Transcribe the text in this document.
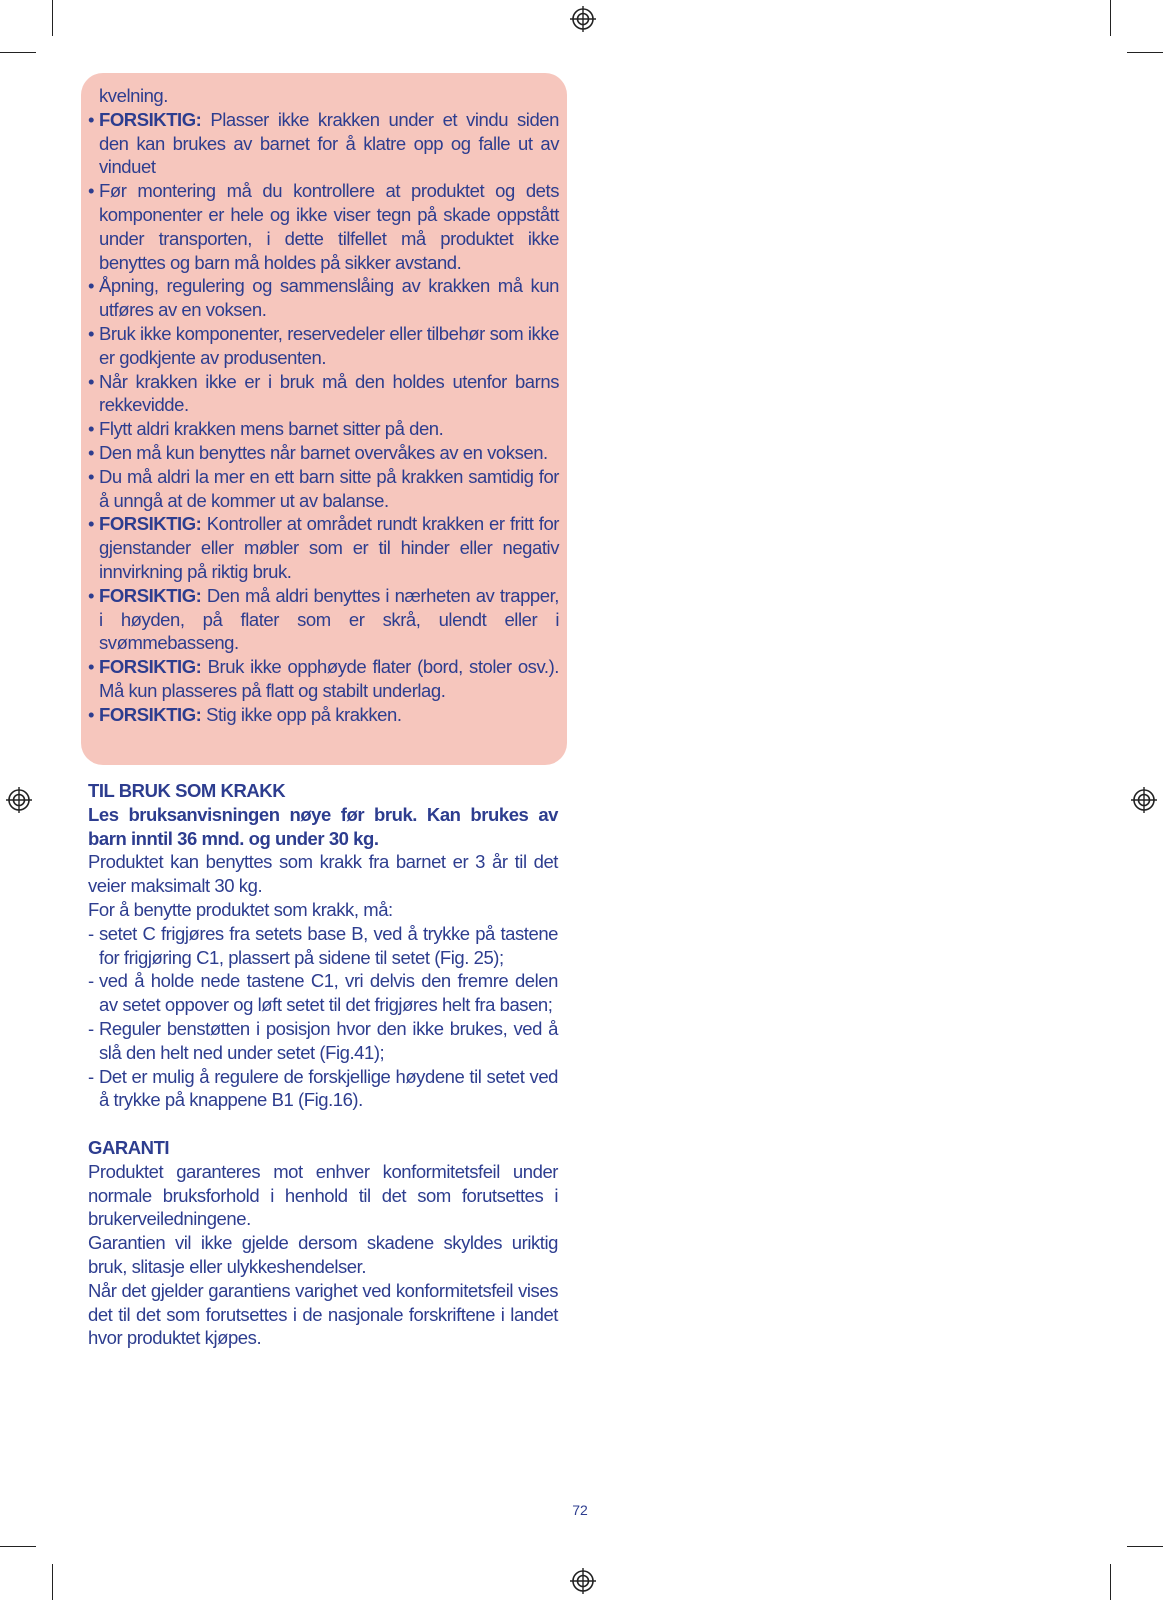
kvelning.

• FORSIKTIG: Plasser ikke krakken under et vindu siden den kan brukes av barnet for å klatre opp og falle ut av vinduet
• Før montering må du kontrollere at produktet og dets komponenter er hele og ikke viser tegn på skade oppstått under transporten, i dette tilfellet må produktet ikke benyttes og barn må holdes på sikker avstand.
• Åpning, regulering og sammenslåing av krakken må kun utføres av en voksen.
• Bruk ikke komponenter, reservedeler eller tilbehør som ikke er godkjente av produsenten.
• Når krakken ikke er i bruk må den holdes utenfor barns rekkevidde.
• Flytt aldri krakken mens barnet sitter på den.
• Den må kun benyttes når barnet overvåkes av en voksen.
• Du må aldri la mer en ett barn sitte på krakken samtidig for å unngå at de kommer ut av balanse.
• FORSIKTIG: Kontroller at området rundt krakken er fritt for gjenstander eller møbler som er til hinder eller negativ innvirkning på riktig bruk.
• FORSIKTIG: Den må aldri benyttes i nærheten av trapper, i høyden, på flater som er skrå, ulendt eller i svømmebasseng.
• FORSIKTIG: Bruk ikke opphøyde flater (bord, stoler osv.). Må kun plasseres på flatt og stabilt underlag.
• FORSIKTIG: Stig ikke opp på krakken.

TIL BRUK SOM KRAKK

Les bruksanvisningen nøye før bruk. Kan brukes av barn inntil 36 mnd. og under 30 kg.

Produktet kan benyttes som krakk fra barnet er 3 år til det veier maksimalt 30 kg.

For å benytte produktet som krakk, må:

- setet C frigjøres fra setets base B, ved å trykke på tastene for frigjøring C1, plassert på sidene til setet (Fig. 25);
- ved å holde nede tastene C1, vri delvis den fremre delen av setet oppover og løft setet til det frigjøres helt fra basen;
- Reguler benstøtten i posisjon hvor den ikke brukes, ved å slå den helt ned under setet (Fig.41);
- Det er mulig å regulere de forskjellige høydene til setet ved å trykke på knappene B1 (Fig.16).

GARANTI

Produktet garanteres mot enhver konformitetsfeil under normale bruksforhold i henhold til det som forutsettes i brukerveiledningene.

Garantien vil ikke gjelde dersom skadene skyldes uriktig bruk, slitasje eller ulykkeshendelser.

Når det gjelder garantiens varighet ved konformitetsfeil vises det til det som forutsettes i de nasjonale forskriftene i landet hvor produktet kjøpes.

72
